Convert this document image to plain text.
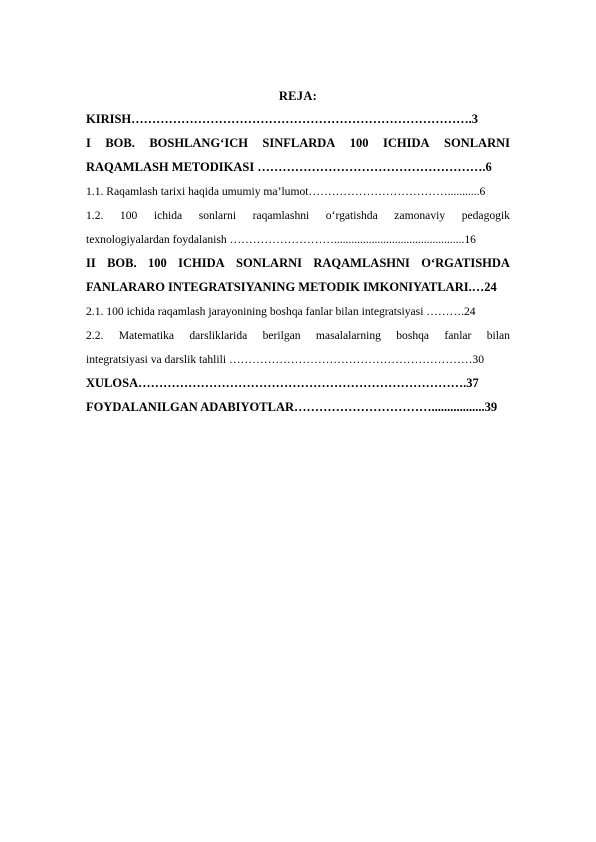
REJA:
KIRISH……………………………………………………………………….3
I BOB. BOSHLANG‘ICH SINFLARDA 100 ICHIDA SONLARNI
RAQAMLASH METODIKASI ……………………………………………….6
1.1. Raqamlash tarixi haqida umumiy ma’lumot………………………………...........6
1.2. 100 ichida sonlarni raqamlashni o‘rgatishda zamonaviy pedagogik
texnologiyalardan foydalanish ……………………….............................................16
II BOB. 100 ICHIDA SONLARNI RAQAMLASHNI O‘RGATISHDA
FANLARARO INTEGRATSIYANING METODIK IMKONIYATLARI.…24
2.1. 100 ichida raqamlash jarayonining boshqa fanlar bilan integratsiyasi ……….24
2.2. Matematika darsliklarida berilgan masalalarning boshqa fanlar bilan
integratsiyasi va darslik tahlili ………………………………………………………30
XULOSA…………………………………………………………………….37
FOYDALANILGAN ADABIYOTLAR…………………………….................39
